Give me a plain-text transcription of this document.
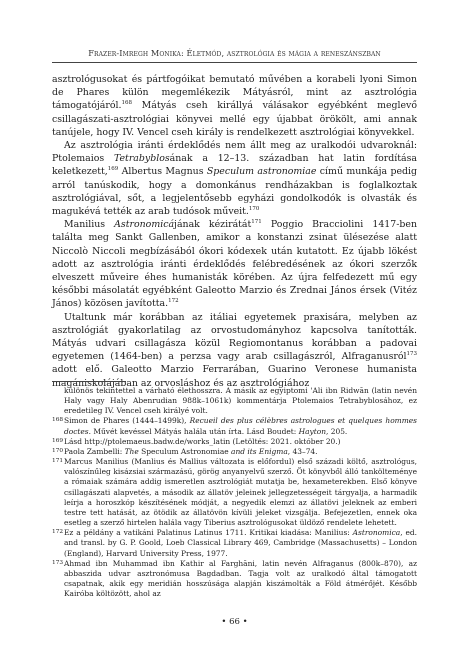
Frazer-Imregh Monika: Életmód, asztrológia és mágia a reneszánszban

asztrológusokat és pártfogóikat bemutató művében a korabeli lyoni Simon de Phares külön megemlékezik Mátyásról, mint az asztrológia támogatójáról.$^{168}$ Mátyás cseh királlyá válásakor egyébként meglevő csillagászati-asztrológiai könyvei mellé egy újabbat örökölt, ami annak tanújele, hogy IV. Vencel cseh király is rendelkezett asztrológiai könyvekkel.

Az asztrológia iránti érdeklődés nem állt meg az uralkodói udvaroknál: Ptolemaios Tetrabyblosának a 12–13. században hat latin fordítása keletkezett,$^{169}$ Albertus Magnus Speculum astronomiae című munkája pedig arról tanúskodik, hogy a domonkánus rendházakban is foglalkoztak asztrológiával, sőt, a legjelentősebb egyházi gondolkodók is olvasták és magukévá tették az arab tudósok műveit.$^{170}$

Manilius Astronomicájának kézirátát$^{171}$ Poggio Bracciolini 1417-ben találta meg Sankt Gallenben, amikor a konstanzi zsinat ülésezése alatt Niccolò Niccoli megbízásából ókori kódexek után kutatott. Ez újabb lökést adott az asztrológia iránti érdeklődés felébredésének az ókori szerzők elveszett műveire éhes humanisták körében. Az újra felfedezett mű egy későbbi másolatát egyébként Galeotto Marzio és Zrednai János érsek (Vitéz János) közösen javította.$^{172}$

Utaltunk már korábban az itáliai egyetemek praxisára, melyben az asztrológiát gyakorlatilag az orvostudományhoz kapcsolva tanították. Mátyás udvari csillagásza közül Regiomontanus korábban a padovai egyetemen (1464-ben) a perzsa vagy arab csillagászról, Alfraganusról$^{173}$ adott elő. Galeotto Marzio Ferrarában, Guarino Veronese humanista magániskolájában az orvosláshoz és az asztrológiához

különös tekintettel a várható élethosszra. A másik az egyiptomi 'Ali ibn Ridwān (latin nevén Haly vagy Haly Abenrudian 988k–1061k) kommentárja Ptolemaios Tetrabyblosához, ez eredetileg IV. Vencel cseh királyé volt.

168 Simon de Phares (1444–1499k), Recueil des plus célèbres astrologues et quelques hommes doctes. Művét kevéssel Mátyás halála után írta. Lásd Boudet: Hayton, 205.

169 Lásd http://ptolemaeus.badw.de/works_latin (Letöltés: 2021. október 20.)

170 Paola Zambelli: The Speculum Astronomiae and its Enigma, 43–74.

171 Marcus Manilius (Manlius és Mallius változata is előfordul) első századi költő, asztrológus, valószínűleg kisázsiai származású, görög anyanyelvű szerző. Öt könyvből álló tankölteménye a rómaiak számára addig ismeretlen asztrológiát mutatja be, hexameterekben. Első könyve csillagászati alapvetés, a második az állatöv jeleinek jellegzetességeit tárgyalja, a harmadik leírja a horoszkóp készítésének módját, a negyedik elemzi az állatövi jeleknek az emberi testre tett hatását, az ötödik az állatövön kívüli jeleket vizsgálja. Befejezetlen, ennek oka esetleg a szerző hirtelen halála vagy Tiberius asztrológusokat üldöző rendelete lehetett.

172 Ez a példány a vatikáni Palatinus Latinus 1711. Kritikai kiadása: Manilius: Astronomica, ed. and transl. by G. P. Goold, Loeb Classical Library 469, Cambridge (Massachusetts) – London (England), Harvard University Press, 1977.

173 Ahmad ibn Muhammad ibn Kathir al Farghāni, latin nevén Alfraganus (800k–870), az abbaszida udvar asztronómusa Bagdadban. Tagja volt az uralkodó által támogatott csapatnak, akik egy meridián hosszúsága alapján kiszámolták a Föld átmérőjét. Később Kairóba költözött, ahol az

• 66 •
